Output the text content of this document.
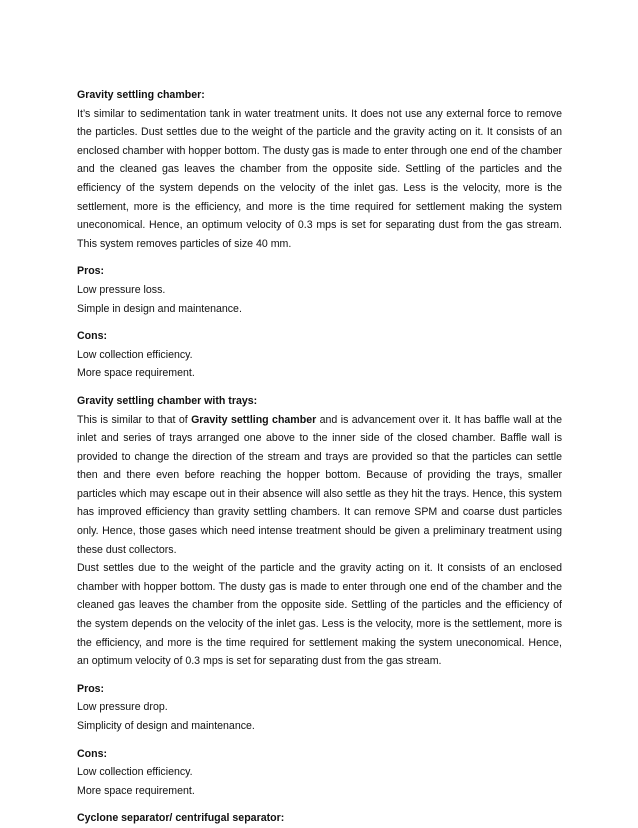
Gravity settling chamber:

It’s similar to sedimentation tank in water treatment units. It does not use any external force to remove the particles. Dust settles due to the weight of the particle and the gravity acting on it. It consists of an enclosed chamber with hopper bottom. The dusty gas is made to enter through one end of the chamber and the cleaned gas leaves the chamber from the opposite side. Settling of the particles and the efficiency of the system depends on the velocity of the inlet gas. Less is the velocity, more is the settlement, more is the efficiency, and more is the time required for settlement making the system uneconomical. Hence, an optimum velocity of 0.3 mps is set for separating dust from the gas stream. This system removes particles of size 40 mm.

Pros:

Low pressure loss.

Simple in design and maintenance.

Cons:

Low collection efficiency.

More space requirement.

Gravity settling chamber with trays:

This is similar to that of Gravity settling chamber and is advancement over it. It has baffle wall at the inlet and series of trays arranged one above to the inner side of the closed chamber. Baffle wall is provided to change the direction of the stream and trays are provided so that the particles can settle then and there even before reaching the hopper bottom. Because of providing the trays, smaller particles which may escape out in their absence will also settle as they hit the trays. Hence, this system has improved efficiency than gravity settling chambers. It can remove SPM and coarse dust particles only. Hence, those gases which need intense treatment should be given a preliminary treatment using these dust collectors.

Dust settles due to the weight of the particle and the gravity acting on it. It consists of an enclosed chamber with hopper bottom. The dusty gas is made to enter through one end of the chamber and the cleaned gas leaves the chamber from the opposite side. Settling of the particles and the efficiency of the system depends on the velocity of the inlet gas. Less is the velocity, more is the settlement, more is the efficiency, and more is the time required for settlement making the system uneconomical. Hence, an optimum velocity of 0.3 mps is set for separating dust from the gas stream.

Pros:

Low pressure drop.

Simplicity of design and maintenance.

Cons:

Low collection efficiency.

More space requirement.

Cyclone separator/ centrifugal separator:
